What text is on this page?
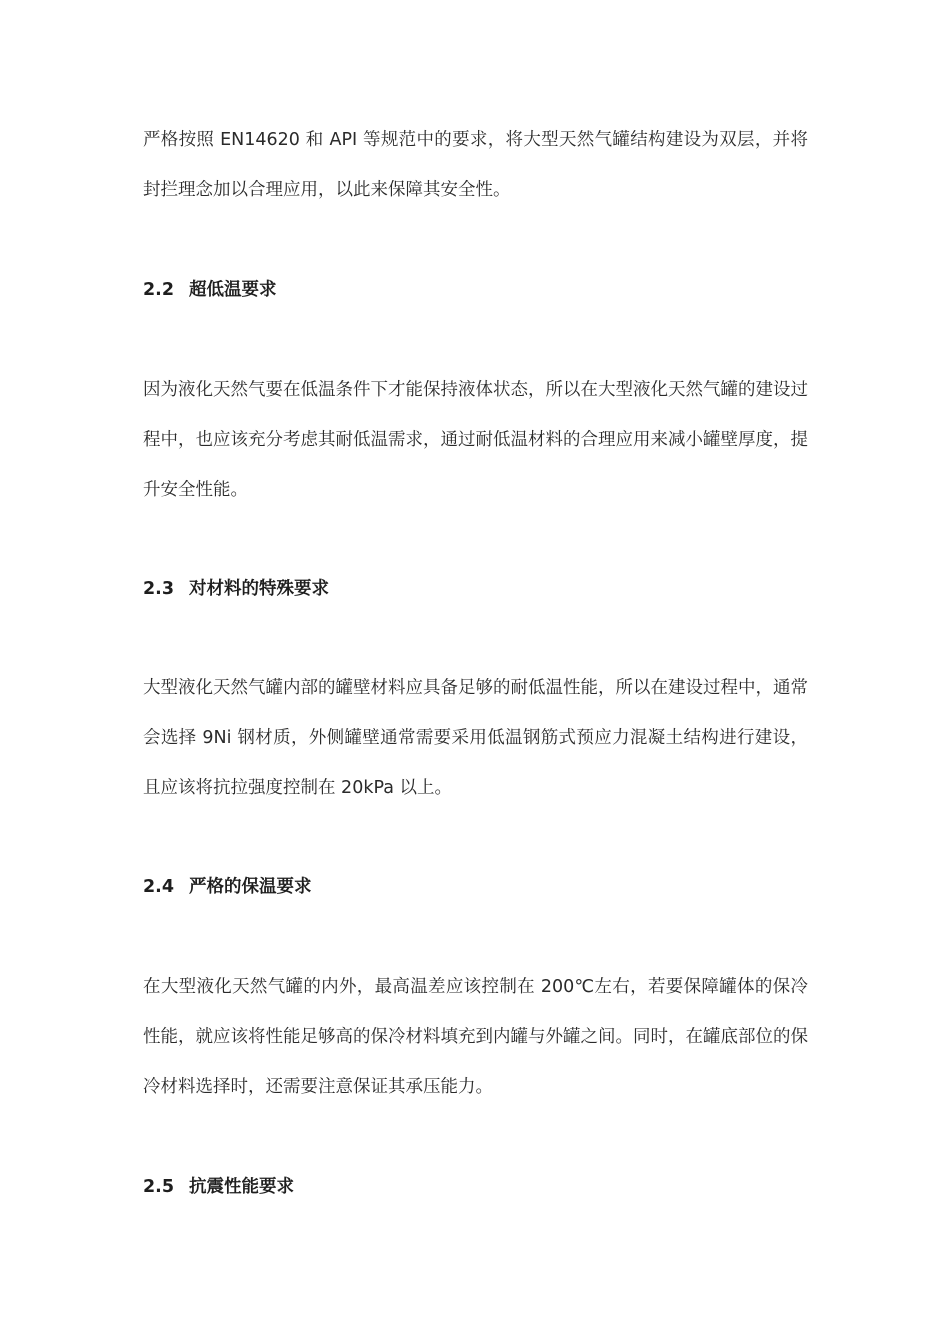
严格按照 EN14620 和 API 等规范中的要求，将大型天然气罐结构建设为双层，并将封拦理念加以合理应用，以此来保障其安全性。

2.2 超低温要求

因为液化天然气要在低温条件下才能保持液体状态，所以在大型液化天然气罐的建设过程中，也应该充分考虑其耐低温需求，通过耐低温材料的合理应用来减小罐壁厚度，提升安全性能。

2.3 对材料的特殊要求

大型液化天然气罐内部的罐壁材料应具备足够的耐低温性能，所以在建设过程中，通常会选择 9Ni 钢材质，外侧罐壁通常需要采用低温钢筋式预应力混凝土结构进行建设，且应该将抗拉强度控制在 20kPa 以上。

2.4 严格的保温要求

在大型液化天然气罐的内外，最高温差应该控制在 200℃左右，若要保障罐体的保冷性能，就应该将性能足够高的保冷材料填充到内罐与外罐之间。同时，在罐底部位的保冷材料选择时，还需要注意保证其承压能力。

2.5 抗震性能要求
